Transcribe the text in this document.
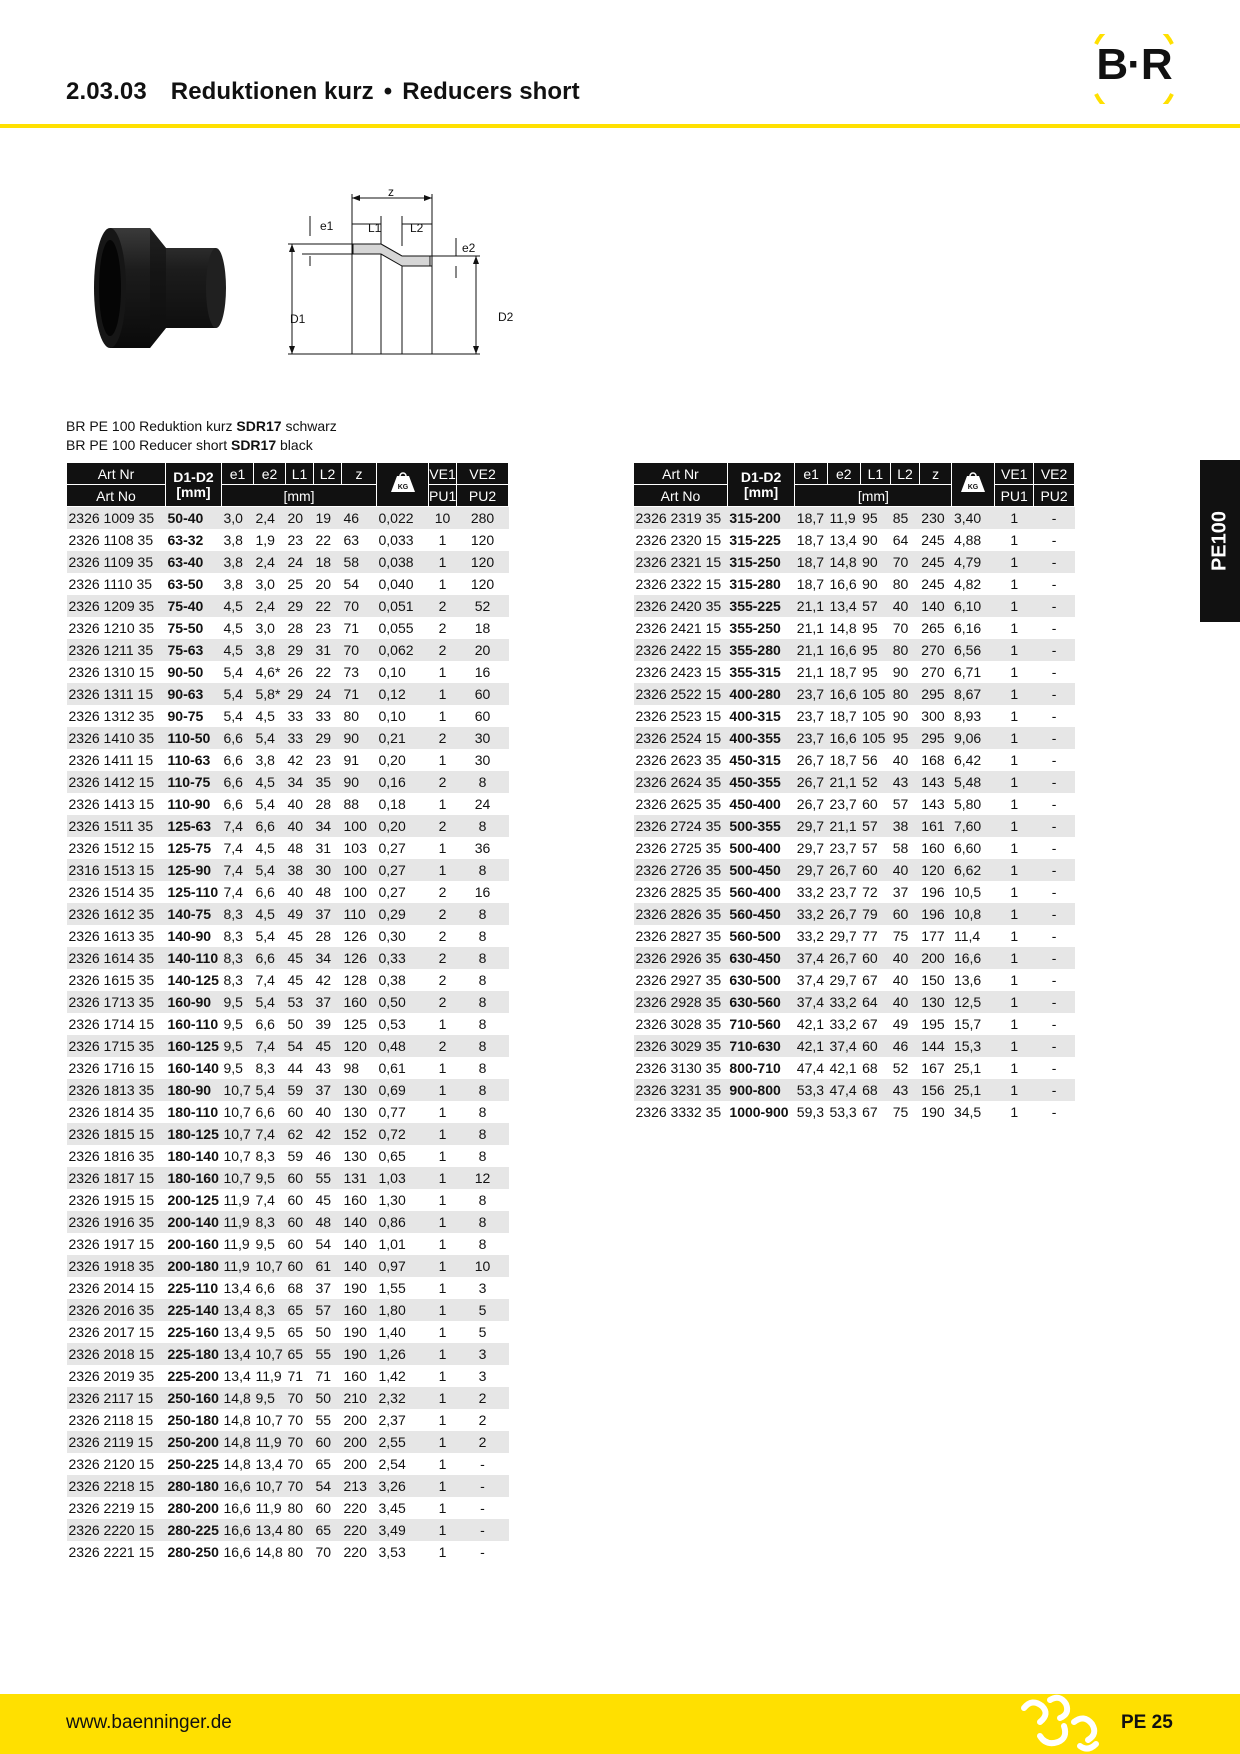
2.03.03 Reduktionen kurz • Reducers short
B·R
PE100
z
e1	L1 L2
e2
D1	D2
BR PE 100 Reduktion kurz SDR17 schwarz
BR PE 100 Reducer short SDR17 black
Art Nr	D1-D2
[mm]	e1	e2	L1	L2	z	KG	VE1	VE2
Art No		[mm]						PU1	PU2
2326 1009 35	50-40	3,0	2,4	20	19	46	0,022	10	280
2326 1108 35	63-32	3,8	1,9	23	22	63	0,033	1	120
2326 1109 35	63-40	3,8	2,4	24	18	58	0,038	1	120
2326 1110 35	63-50	3,8	3,0	25	20	54	0,040	1	120
2326 1209 35	75-40	4,5	2,4	29	22	70	0,051	2	52
2326 1210 35	75-50	4,5	3,0	28	23	71	0,055	2	18
2326 1211 35	75-63	4,5	3,8	29	31	70	0,062	2	20
2326 1310 15	90-50	5,4	4,6*	26	22	73	0,10	1	16
2326 1311 15	90-63	5,4	5,8*	29	24	71	0,12	1	60
2326 1312 35	90-75	5,4	4,5	33	33	80	0,10	1	60
2326 1410 35	110-50	6,6	5,4	33	29	90	0,21	2	30
2326 1411 15	110-63	6,6	3,8	42	23	91	0,20	1	30
2326 1412 15	110-75	6,6	4,5	34	35	90	0,16	2	8
2326 1413 15	110-90	6,6	5,4	40	28	88	0,18	1	24
2326 1511 35	125-63	7,4	6,6	40	34	100	0,20	2	8
2326 1512 15	125-75	7,4	4,5	48	31	103	0,27	1	36
2316 1513 15	125-90	7,4	5,4	38	30	100	0,27	1	8
2326 1514 35	125-110	7,4	6,6	40	48	100	0,27	2	16
2326 1612 35	140-75	8,3	4,5	49	37	110	0,29	2	8
2326 1613 35	140-90	8,3	5,4	45	28	126	0,30	2	8
2326 1614 35	140-110	8,3	6,6	45	34	126	0,33	2	8
2326 1615 35	140-125	8,3	7,4	45	42	128	0,38	2	8
2326 1713 35	160-90	9,5	5,4	53	37	160	0,50	2	8
2326 1714 15	160-110	9,5	6,6	50	39	125	0,53	1	8
2326 1715 35	160-125	9,5	7,4	54	45	120	0,48	2	8
2326 1716 15	160-140	9,5	8,3	44	43	98	0,61	1	8
2326 1813 35	180-90	10,7	5,4	59	37	130	0,69	1	8
2326 1814 35	180-110	10,7	6,6	60	40	130	0,77	1	8
2326 1815 15	180-125	10,7	7,4	62	42	152	0,72	1	8
2326 1816 35	180-140	10,7	8,3	59	46	130	0,65	1	8
2326 1817 15	180-160	10,7	9,5	60	55	131	1,03	1	12
2326 1915 15	200-125	11,9	7,4	60	45	160	1,30	1	8
2326 1916 35	200-140	11,9	8,3	60	48	140	0,86	1	8
2326 1917 15	200-160	11,9	9,5	60	54	140	1,01	1	8
2326 1918 35	200-180	11,9	10,7	60	61	140	0,97	1	10
2326 2014 15	225-110	13,4	6,6	68	37	190	1,55	1	3
2326 2016 35	225-140	13,4	8,3	65	57	160	1,80	1	5
2326 2017 15	225-160	13,4	9,5	65	50	190	1,40	1	5
2326 2018 15	225-180	13,4	10,7	65	55	190	1,26	1	3
2326 2019 35	225-200	13,4	11,9	71	71	160	1,42	1	3
2326 2117 15	250-160	14,8	9,5	70	50	210	2,32	1	2
2326 2118 15	250-180	14,8	10,7	70	55	200	2,37	1	2
2326 2119 15	250-200	14,8	11,9	70	60	200	2,55	1	2
2326 2120 15	250-225	14,8	13,4	70	65	200	2,54	1	-
2326 2218 15	280-180	16,6	10,7	70	54	213	3,26	1	-
2326 2219 15	280-200	16,6	11,9	80	60	220	3,45	1	-
2326 2220 15	280-225	16,6	13,4	80	65	220	3,49	1	-
2326 2221 15	280-250	16,6	14,8	80	70	220	3,53	1	-
Art Nr	D1-D2
[mm]	e1	e2	L1	L2	z	KG	VE1	VE2
Art No		[mm]						PU1	PU2
2326 2319 35	315-200	18,7	11,9	95	85	230	3,40	1	-
2326 2320 15	315-225	18,7	13,4	90	64	245	4,88	1	-
2326 2321 15	315-250	18,7	14,8	90	70	245	4,79	1	-
2326 2322 15	315-280	18,7	16,6	90	80	245	4,82	1	-
2326 2420 35	355-225	21,1	13,4	57	40	140	6,10	1	-
2326 2421 15	355-250	21,1	14,8	95	70	265	6,16	1	-
2326 2422 15	355-280	21,1	16,6	95	80	270	6,56	1	-
2326 2423 15	355-315	21,1	18,7	95	90	270	6,71	1	-
2326 2522 15	400-280	23,7	16,6	105	80	295	8,67	1	-
2326 2523 15	400-315	23,7	18,7	105	90	300	8,93	1	-
2326 2524 15	400-355	23,7	16,6	105	95	295	9,06	1	-
2326 2623 35	450-315	26,7	18,7	56	40	168	6,42	1	-
2326 2624 35	450-355	26,7	21,1	52	43	143	5,48	1	-
2326 2625 35	450-400	26,7	23,7	60	57	143	5,80	1	-
2326 2724 35	500-355	29,7	21,1	57	38	161	7,60	1	-
2326 2725 35	500-400	29,7	23,7	57	58	160	6,60	1	-
2326 2726 35	500-450	29,7	26,7	60	40	120	6,62	1	-
2326 2825 35	560-400	33,2	23,7	72	37	196	10,5	1	-
2326 2826 35	560-450	33,2	26,7	79	60	196	10,8	1	-
2326 2827 35	560-500	33,2	29,7	77	75	177	11,4	1	-
2326 2926 35	630-450	37,4	26,7	60	40	200	16,6	1	-
2326 2927 35	630-500	37,4	29,7	67	40	150	13,6	1	-
2326 2928 35	630-560	37,4	33,2	64	40	130	12,5	1	-
2326 3028 35	710-560	42,1	33,2	67	49	195	15,7	1	-
2326 3029 35	710-630	42,1	37,4	60	46	144	15,3	1	-
2326 3130 35	800-710	47,4	42,1	68	52	167	25,1	1	-
2326 3231 35	900-800	53,3	47,4	68	43	156	25,1	1	-
2326 3332 35	1000-900	59,3	53,3	67	75	190	34,5	1	-
www.baenninger.de	PE 25
